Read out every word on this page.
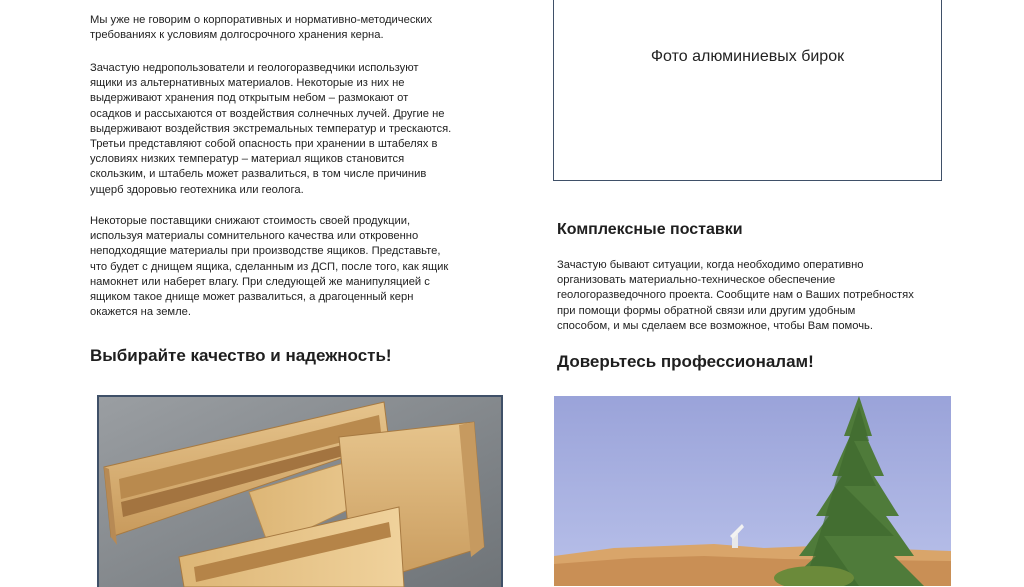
Мы уже не говорим о корпоративных и нормативно-методических
требованиях к условиям долгосрочного хранения керна.
Зачастую недропользователи и геологоразведчики используют
ящики из альтернативных материалов. Некоторые из них не
выдерживают хранения под открытым небом – размокают от
осадков и рассыхаются от воздействия солнечных лучей. Другие не
выдерживают воздействия экстремальных температур и трескаются.
Третьи представляют собой опасность при хранении в штабелях в
условиях низких температур – материал ящиков становится
скользким, и штабель может развалиться, в том числе причинив
ущерб здоровью геотехника или геолога.
Некоторые поставщики снижают стоимость своей продукции,
используя материалы сомнительного качества или откровенно
неподходящие материалы при производстве ящиков. Представьте,
что будет с днищем ящика, сделанным из ДСП, после того, как ящик
намокнет или наберет влагу. При следующей же манипуляцией с
ящиком такое днище может развалиться, а драгоценный керн
окажется на земле.
Выбирайте качество и надежность!
Фото алюминиевых бирок
Комплексные поставки
Зачастую бывают ситуации, когда необходимо оперативно
организовать материально-техническое обеспечение
геологоразведочного проекта. Сообщите нам о Ваших потребностях
при помощи формы обратной связи или другим удобным
способом, и мы сделаем все возможное, чтобы Вам помочь.
Доверьтесь профессионалам!
